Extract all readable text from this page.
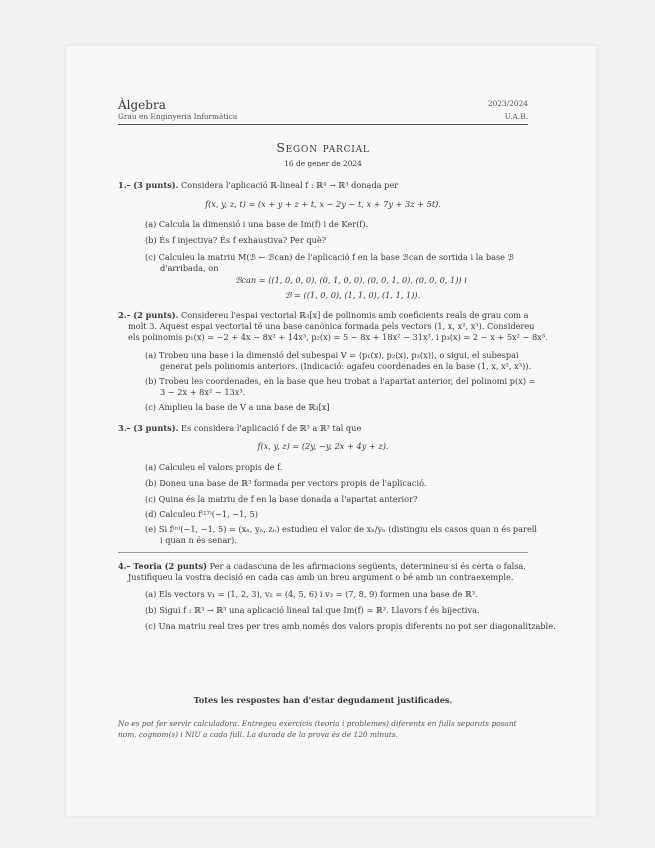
Àlgebra
Grau en Enginyeria Informàtica
2023/2024
U.A.B.
Segon parcial
16 de gener de 2024
1.– (3 punts). Considera l'aplicació ℝ-lineal f : ℝ⁴ → ℝ³ donada per
f(x, y, z, t) = (x + y + z + t, x − 2y − t, x + 7y + 3z + 5t).
(a) Calcula la dimensió i una base de Im(f) i de Ker(f).
(b) És f injectiva? És f exhaustiva? Per què?
(c) Calculeu la matriu M(ℬ ← ℬcan) de l'aplicació f en la base ℬcan de sortida i la base ℬ
d'arribada, on
ℬcan = ((1, 0, 0, 0), (0, 1, 0, 0), (0, 0, 1, 0), (0, 0, 0, 1)) i
ℬ = ((1, 0, 0), (1, 1, 0), (1, 1, 1)).
2.– (2 punts). Considereu l'espai vectorial ℝ₃[x] de polinomis amb coeficients reals de grau com a
molt 3. Aquest espai vectorial té una base canònica formada pels vectors (1, x, x², x³). Considereu
els polinomis p₁(x) = −2 + 4x − 8x² + 14x³, p₂(x) = 5 − 8x + 18x² − 31x³, i p₃(x) = 2 − x + 5x² − 8x³.
(a) Trobeu una base i la dimensió del subespai V = ⟨p₁(x), p₂(x), p₃(x)⟩, o sigui, el subespai
generat pels polinomis anteriors. (Indicació: agafeu coordenades en la base (1, x, x², x³)).
(b) Trobeu les coordenades, en la base que heu trobat a l'apartat anterior, del polinomi p(x) =
3 − 2x + 8x² − 13x³.
(c) Amplieu la base de V a una base de ℝ₃[x]
3.– (3 punts). Es considera l'aplicació f de ℝ³ a ℝ³ tal que
f(x, y, z) = (2y, −y, 2x + 4y + z).
(a) Calculeu el valors propis de f.
(b) Doneu una base de ℝ³ formada per vectors propis de l'aplicació.
(c) Quina és la matriu de f en la base donada a l'apartat anterior?
(d) Calculeu f⁽¹⁷⁾(−1, −1, 5)
(e) Si f⁽ⁿ⁾(−1, −1, 5) = (xₙ, yₙ, zₙ) estudieu el valor de xₙ/yₙ (distingiu els casos quan n és parell
i quan n és senar).
4.– Teoria (2 punts) Per a cadascuna de les afirmacions següents, determineu si és certa o falsa.
Justifiqueu la vostra decisió en cada cas amb un breu argument o bé amb un contraexemple.
(a) Els vectors v₁ = (1, 2, 3), v₂ = (4, 5, 6) i v₃ = (7, 8, 9) formen una base de ℝ³.
(b) Sigui f : ℝ³ → ℝ³ una aplicació lineal tal que Im(f) = ℝ³. Llavors f és bijectiva.
(c) Una matriu real tres per tres amb només dos valors propis diferents no pot ser diagonalitzable.
Totes les respostes han d'estar degudament justificades.
No es pot fer servir calculadora. Entregeu exercicis (teoria i problemes) diferents en fulls separats posant
nom, cognom(s) i NIU a cada full. La durada de la prova és de 120 minuts.
